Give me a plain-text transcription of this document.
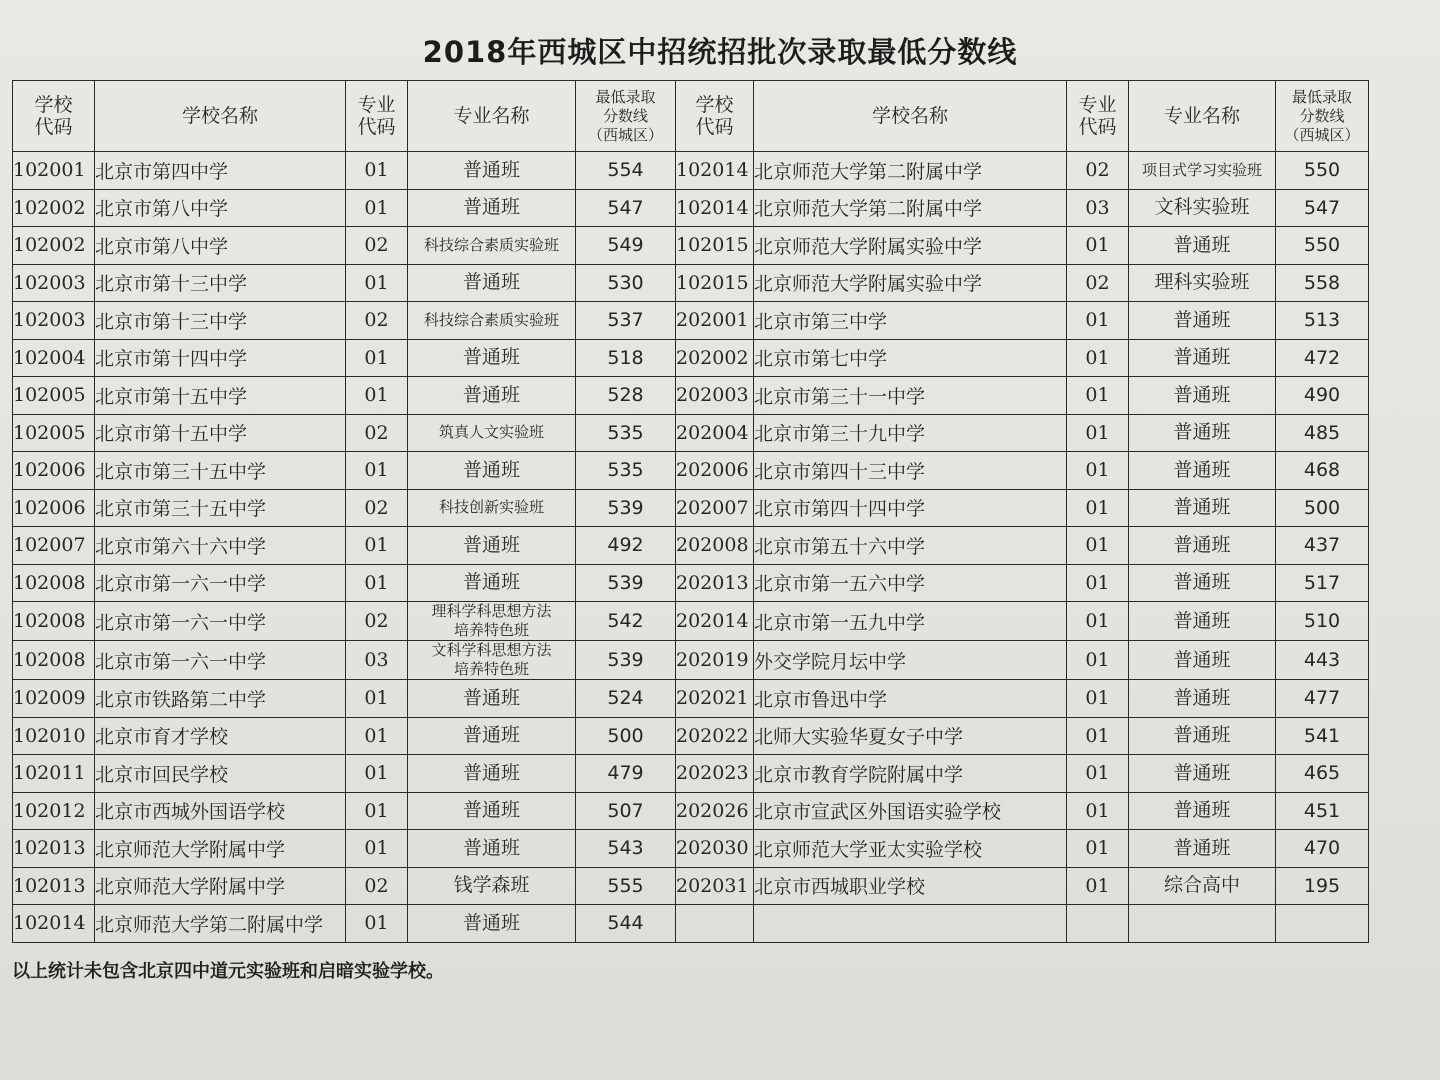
2018年西城区中招统招批次录取最低分数线
学校
代码	学校名称	专业
代码	专业名称	最低录取
分数线
（西城区）	学校
代码	学校名称	专业
代码	专业名称	最低录取
分数线
（西城区）
102001	北京市第四中学	01	普通班	554	102014	北京师范大学第二附属中学	02	项目式学习实验班	550
102002	北京市第八中学	01	普通班	547	102014	北京师范大学第二附属中学	03	文科实验班	547
102002	北京市第八中学	02	科技综合素质实验班	549	102015	北京师范大学附属实验中学	01	普通班	550
102003	北京市第十三中学	01	普通班	530	102015	北京师范大学附属实验中学	02	理科实验班	558
102003	北京市第十三中学	02	科技综合素质实验班	537	202001	北京市第三中学	01	普通班	513
102004	北京市第十四中学	01	普通班	518	202002	北京市第七中学	01	普通班	472
102005	北京市第十五中学	01	普通班	528	202003	北京市第三十一中学	01	普通班	490
102005	北京市第十五中学	02	筑真人文实验班	535	202004	北京市第三十九中学	01	普通班	485
102006	北京市第三十五中学	01	普通班	535	202006	北京市第四十三中学	01	普通班	468
102006	北京市第三十五中学	02	科技创新实验班	539	202007	北京市第四十四中学	01	普通班	500
102007	北京市第六十六中学	01	普通班	492	202008	北京市第五十六中学	01	普通班	437
102008	北京市第一六一中学	01	普通班	539	202013	北京市第一五六中学	01	普通班	517
102008	北京市第一六一中学	02	理科学科思想方法
培养特色班	542	202014	北京市第一五九中学	01	普通班	510
102008	北京市第一六一中学	03	文科学科思想方法
培养特色班	539	202019	外交学院月坛中学	01	普通班	443
102009	北京市铁路第二中学	01	普通班	524	202021	北京市鲁迅中学	01	普通班	477
102010	北京市育才学校	01	普通班	500	202022	北师大实验华夏女子中学	01	普通班	541
102011	北京市回民学校	01	普通班	479	202023	北京市教育学院附属中学	01	普通班	465
102012	北京市西城外国语学校	01	普通班	507	202026	北京市宣武区外国语实验学校	01	普通班	451
102013	北京师范大学附属中学	01	普通班	543	202030	北京师范大学亚太实验学校	01	普通班	470
102013	北京师范大学附属中学	02	钱学森班	555	202031	北京市西城职业学校	01	综合高中	195
102014	北京师范大学第二附属中学	01	普通班	544					
以上统计未包含北京四中道元实验班和启暗实验学校。
